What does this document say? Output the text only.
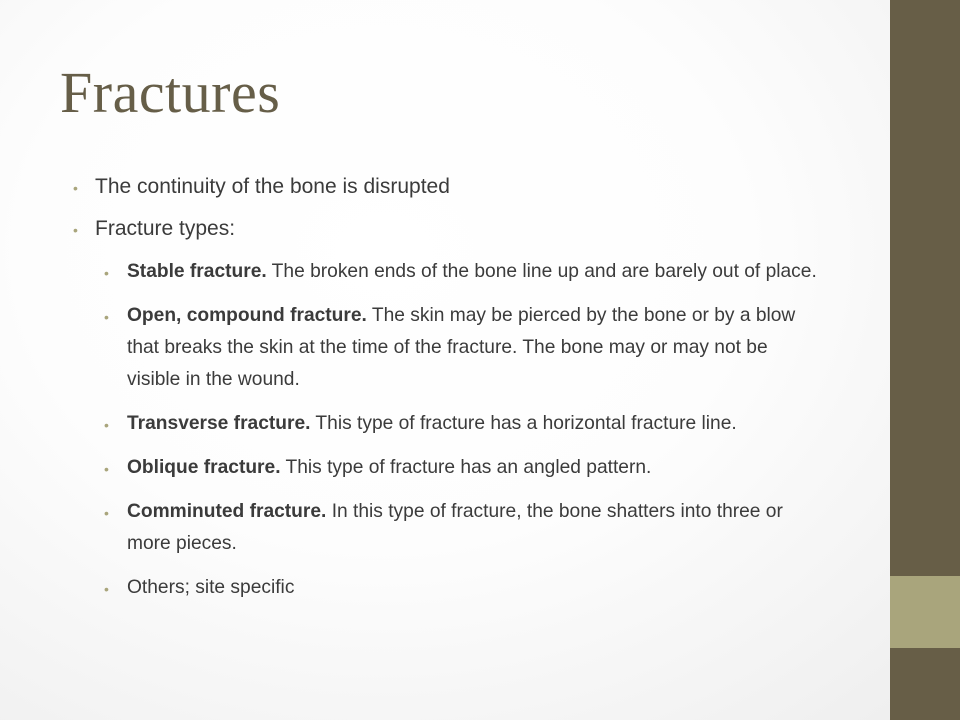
Fractures
• The continuity of the bone is disrupted
• Fracture types:
• Stable fracture. The broken ends of the bone line up and are barely out of place.
• Open, compound fracture. The skin may be pierced by the bone or by a blow that breaks the skin at the time of the fracture. The bone may or may not be visible in the wound.
• Transverse fracture. This type of fracture has a horizontal fracture line.
• Oblique fracture. This type of fracture has an angled pattern.
• Comminuted fracture. In this type of fracture, the bone shatters into three or more pieces.
• Others; site specific
